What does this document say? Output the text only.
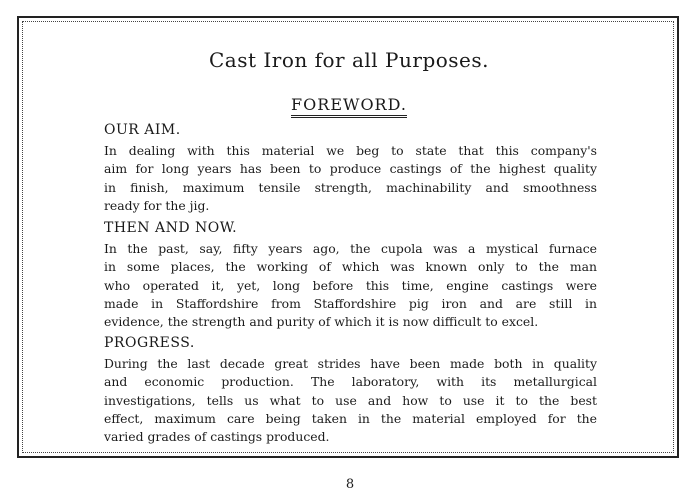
Cast Iron for all Purposes.
FOREWORD.
OUR AIM.
In dealing with this material we beg to state that this company's
aim for long years has been to produce castings of the highest quality
in finish, maximum tensile strength, machinability and smoothness
ready for the jig.
THEN AND NOW.
In the past, say, fifty years ago, the cupola was a mystical furnace
in some places, the working of which was known only to the man
who operated it, yet, long before this time, engine castings were
made in Staffordshire from Staffordshire pig iron and are still in
evidence, the strength and purity of which it is now difficult to excel.
PROGRESS.
During the last decade great strides have been made both in quality
and economic production. The laboratory, with its metallurgical
investigations, tells us what to use and how to use it to the best
effect, maximum care being taken in the material employed for the
varied grades of castings produced.
8
